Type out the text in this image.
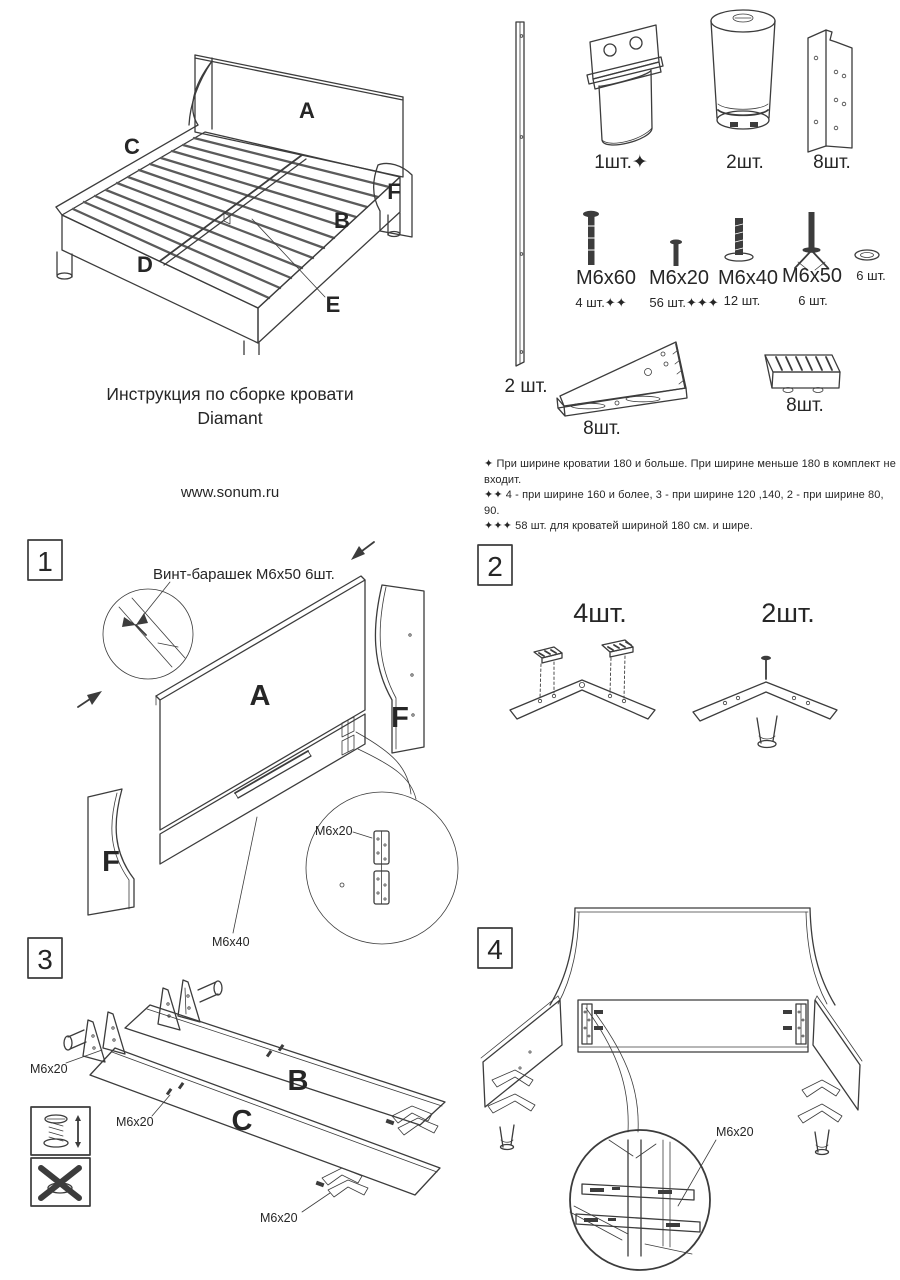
A
C
F
B
D
E
Инструкция по сборке кровати
Diamant
www.sonum.ru
2 шт.
1шт.✦	2шт.	8шт.
М6х60
4 шт.✦✦
М6х20
56 шт.✦✦✦
М6х40
12 шт.
М6х50
6 шт.
6 шт.
8шт.
8шт.
✦ При ширине кроватии 180 и больше. При ширине меньше 180 в комплект не входит.
✦✦ 4 - при ширине 160 и более, 3 - при ширине 120 ,140, 2 - при ширине 80, 90.
✦✦✦ 58 шт. для кроватей шириной 180 см. и шире.
1	Винт-барашек М6х50 6шт.
A
F
F
M6x20
M6x40
2
4шт.	2шт.
3
B
C
M6x20
M6x20
M6x20
4
M6x20
